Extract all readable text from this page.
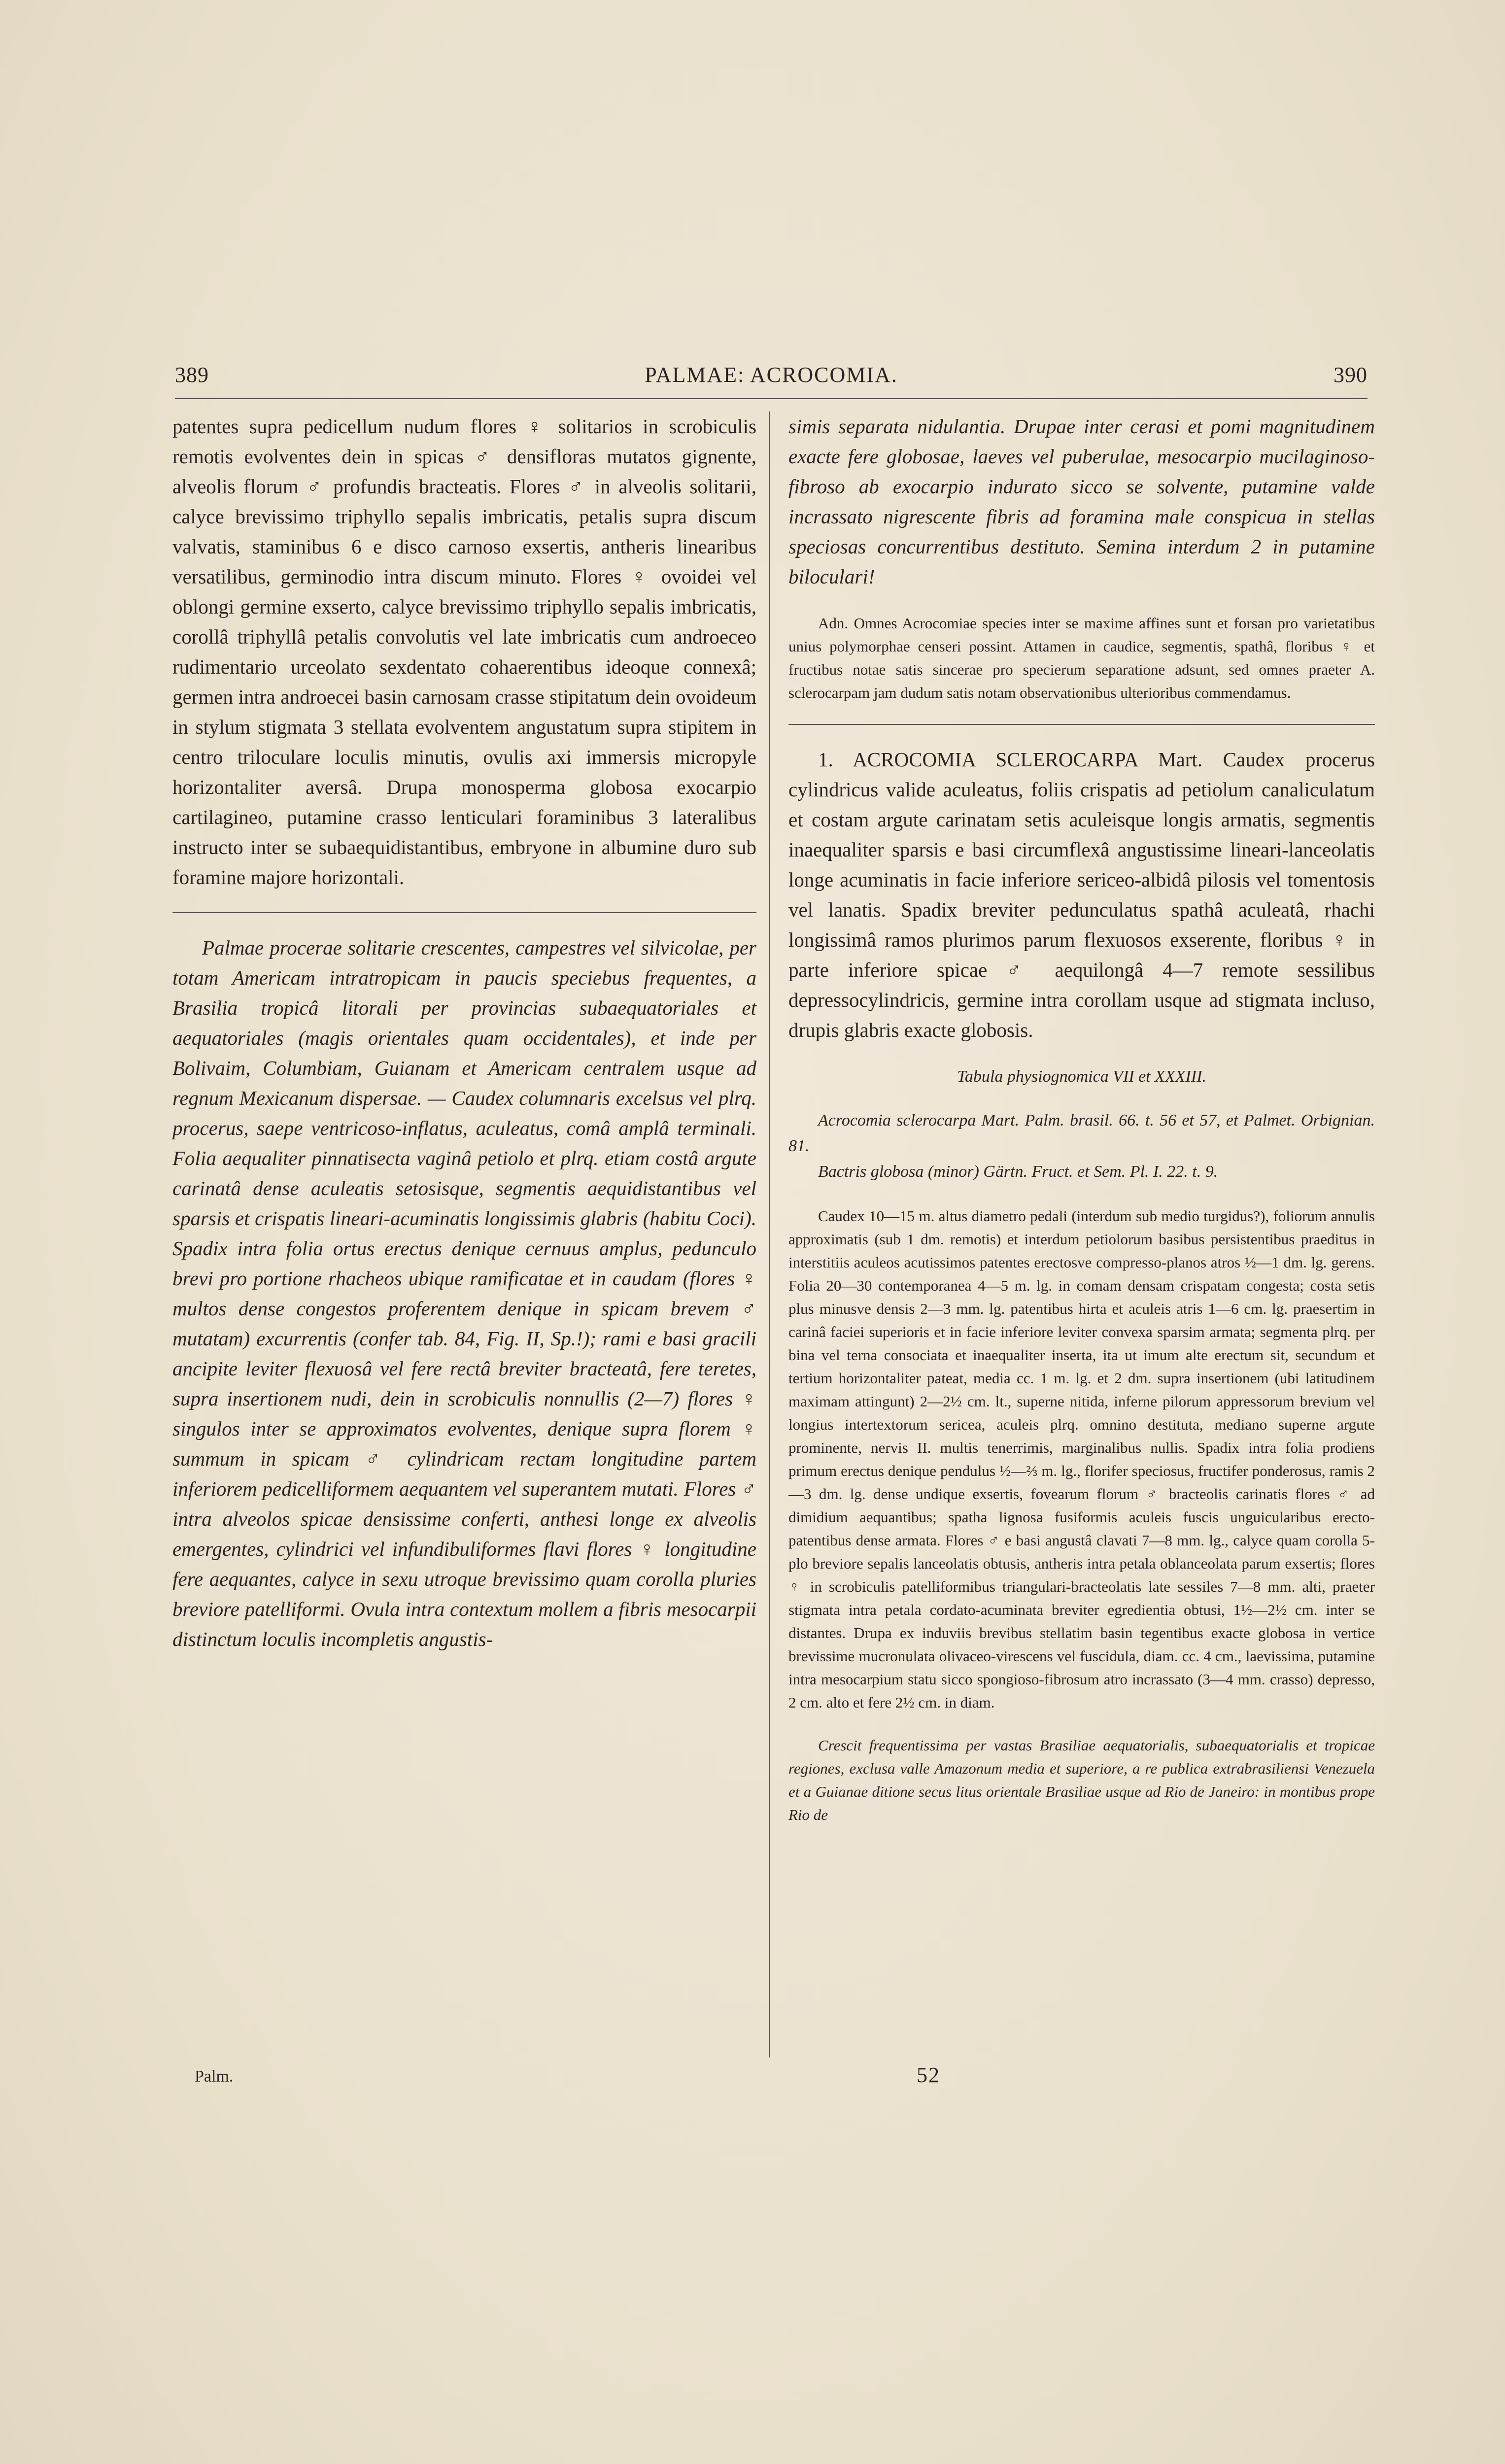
389	PALMAE: ACROCOMIA.	390

patentes supra pedicellum nudum flores ♀ solitarios in scrobiculis remotis evolventes dein in spicas ♂ densifloras mutatos gignente, alveolis florum ♂ profundis bracteatis. Flores ♂ in alveolis solitarii, calyce brevissimo triphyllo sepalis imbricatis, petalis supra discum valvatis, staminibus 6 e disco carnoso exsertis, antheris linearibus versatilibus, germinodio intra discum minuto. Flores ♀ ovoidei vel oblongi germine exserto, calyce brevissimo triphyllo sepalis imbricatis, corollâ triphyllâ petalis convolutis vel late imbricatis cum androeceo rudimentario urceolato sexdentato cohaerentibus ideoque connexâ; germen intra androecei basin carnosam crasse stipitatum dein ovoideum in stylum stigmata 3 stellata evolventem angustatum supra stipitem in centro triloculare loculis minutis, ovulis axi immersis micropyle horizontaliter aversâ. Drupa monosperma globosa exocarpio cartilagineo, putamine crasso lenticulari foraminibus 3 lateralibus instructo inter se subaequidistantibus, embryone in albumine duro sub foramine majore horizontali.

Palmae procerae solitarie crescentes, campestres vel silvicolae, per totam Americam intratropicam in paucis speciebus frequentes, a Brasilia tropicâ litorali per provincias subaequatoriales et aequatoriales (magis orientales quam occidentales), et inde per Bolivaim, Columbiam, Guianam et Americam centralem usque ad regnum Mexicanum dispersae. — Caudex columnaris excelsus vel plrq. procerus, saepe ventricoso-inflatus, aculeatus, comâ amplâ terminali. Folia aequaliter pinnatisecta vaginâ petiolo et plrq. etiam costâ argute carinatâ dense aculeatis setosisque, segmentis aequidistantibus vel sparsis et crispatis lineari-acuminatis longissimis glabris (habitu Coci). Spadix intra folia ortus erectus denique cernuus amplus, pedunculo brevi pro portione rhacheos ubique ramificatae et in caudam (flores ♀ multos dense congestos proferentem denique in spicam brevem ♂ mutatam) excurrentis (confer tab. 84, Fig. II, Sp.!); rami e basi gracili ancipite leviter flexuosâ vel fere rectâ breviter bracteatâ, fere teretes, supra insertionem nudi, dein in scrobiculis nonnullis (2—7) flores ♀ singulos inter se approximatos evolventes, denique supra florem ♀ summum in spicam ♂ cylindricam rectam longitudine partem inferiorem pedicelliformem aequantem vel superantem mutati. Flores ♂ intra alveolos spicae densissime conferti, anthesi longe ex alveolis emergentes, cylindrici vel infundibuliformes flavi flores ♀ longitudine fere aequantes, calyce in sexu utroque brevissimo quam corolla pluries breviore patelliformi. Ovula intra contextum mollem a fibris mesocarpii distinctum loculis incompletis angustis-

Palm.

simis separata nidulantia. Drupae inter cerasi et pomi magnitudinem exacte fere globosae, laeves vel puberulae, mesocarpio mucilaginoso-fibroso ab exocarpio indurato sicco se solvente, putamine valde incrassato nigrescente fibris ad foramina male conspicua in stellas speciosas concurrentibus destituto. Semina interdum 2 in putamine biloculari!

Adn. Omnes Acrocomiae species inter se maxime affines sunt et forsan pro varietatibus unius polymorphae censeri possint. Attamen in caudice, segmentis, spathâ, floribus ♀ et fructibus notae satis sincerae pro specierum separatione adsunt, sed omnes praeter A. sclerocarpam jam dudum satis notam observationibus ulterioribus commendamus.

1. ACROCOMIA SCLEROCARPA Mart. Caudex procerus cylindricus valide aculeatus, foliis crispatis ad petiolum canaliculatum et costam argute carinatam setis aculeisque longis armatis, segmentis inaequaliter sparsis e basi circumflexâ angustissime lineari-lanceolatis longe acuminatis in facie inferiore sericeo-albidâ pilosis vel tomentosis vel lanatis. Spadix breviter pedunculatus spathâ aculeatâ, rhachi longissimâ ramos plurimos parum flexuosos exserente, floribus ♀ in parte inferiore spicae ♂ aequilongâ 4—7 remote sessilibus depressocylindricis, germine intra corollam usque ad stigmata incluso, drupis glabris exacte globosis.

Tabula physiognomica VII et XXXIII.

Acrocomia sclerocarpa Mart. Palm. brasil. 66. t. 56 et 57, et Palmet. Orbignian. 81.

Bactris globosa (minor) Gärtn. Fruct. et Sem. Pl. I. 22. t. 9.

Caudex 10—15 m. altus diametro pedali (interdum sub medio turgidus?), foliorum annulis approximatis (sub 1 dm. remotis) et interdum petiolorum basibus persistentibus praeditus in interstitiis aculeos acutissimos patentes erectosve compresso-planos atros ½—1 dm. lg. gerens. Folia 20—30 contemporanea 4—5 m. lg. in comam densam crispatam congesta; costa setis plus minusve densis 2—3 mm. lg. patentibus hirta et aculeis atris 1—6 cm. lg. praesertim in carinâ faciei superioris et in facie inferiore leviter convexa sparsim armata; segmenta plrq. per bina vel terna consociata et inaequaliter inserta, ita ut imum alte erectum sit, secundum et tertium horizontaliter pateat, media cc. 1 m. lg. et 2 dm. supra insertionem (ubi latitudinem maximam attingunt) 2—2½ cm. lt., superne nitida, inferne pilorum appressorum brevium vel longius intertextorum sericea, aculeis plrq. omnino destituta, mediano superne argute prominente, nervis II. multis tenerrimis, marginalibus nullis. Spadix intra folia prodiens primum erectus denique pendulus ½—⅔ m. lg., florifer speciosus, fructifer ponderosus, ramis 2—3 dm. lg. dense undique exsertis, fovearum florum ♂ bracteolis carinatis flores ♂ ad dimidium aequantibus; spatha lignosa fusiformis aculeis fuscis unguicularibus erecto-patentibus dense armata. Flores ♂ e basi angustâ clavati 7—8 mm. lg., calyce quam corolla 5-plo breviore sepalis lanceolatis obtusis, antheris intra petala oblanceolata parum exsertis; flores ♀ in scrobiculis patelliformibus triangulari-bracteolatis late sessiles 7—8 mm. alti, praeter stigmata intra petala cordato-acuminata breviter egredientia obtusi, 1½—2½ cm. inter se distantes. Drupa ex induviis brevibus stellatim basin tegentibus exacte globosa in vertice brevissime mucronulata olivaceo-virescens vel fuscidula, diam. cc. 4 cm., laevissima, putamine intra mesocarpium statu sicco spongioso-fibrosum atro incrassato (3—4 mm. crasso) depresso, 2 cm. alto et fere 2½ cm. in diam.

Crescit frequentissima per vastas Brasiliae aequatorialis, subaequatorialis et tropicae regiones, exclusa valle Amazonum media et superiore, a re publica extrabrasiliensi Venezuela et a Guianae ditione secus litus orientale Brasiliae usque ad Rio de Janeiro: in montibus prope Rio de

52
